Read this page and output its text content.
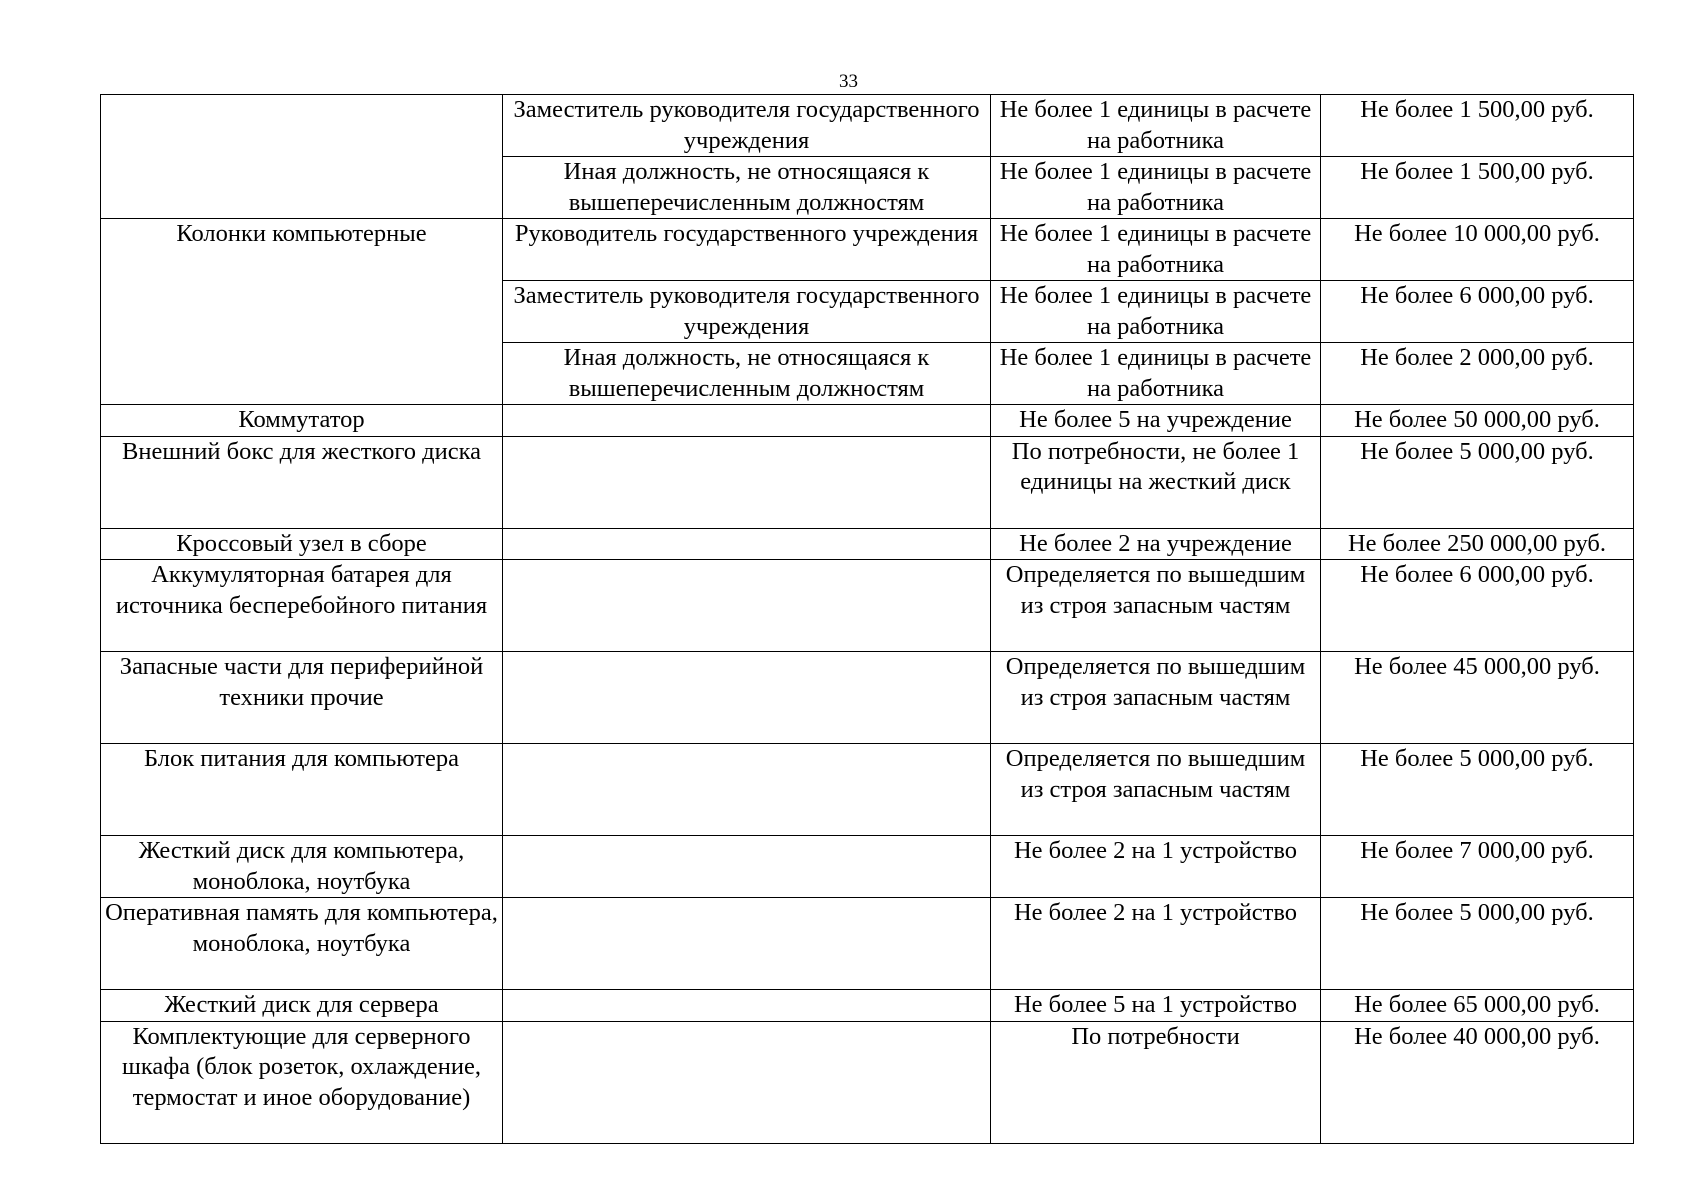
33
	Заместитель руководителя государственного учреждения	Не более 1 единицы в расчете на работника	Не более 1 500,00 руб.
	Иная должность, не относящаяся к вышеперечисленным должностям	Не более 1 единицы в расчете на работника	Не более 1 500,00 руб.
Колонки компьютерные	Руководитель государственного учреждения	Не более 1 единицы в расчете на работника	Не более 10 000,00 руб.
	Заместитель руководителя государственного учреждения	Не более 1 единицы в расчете на работника	Не более 6 000,00 руб.
	Иная должность, не относящаяся к вышеперечисленным должностям	Не более 1 единицы в расчете на работника	Не более 2 000,00 руб.
Коммутатор		Не более 5 на учреждение	Не более 50 000,00 руб.
Внешний бокс для жесткого диска		По потребности, не более 1 единицы на жесткий диск	Не более 5 000,00 руб.
Кроссовый узел в сборе		Не более 2 на учреждение	Не более 250 000,00 руб.
Аккумуляторная батарея для источника бесперебойного питания		Определяется по вышедшим из строя запасным частям	Не более 6 000,00 руб.
Запасные части для периферийной техники прочие		Определяется по вышедшим из строя запасным частям	Не более 45 000,00 руб.
Блок питания для компьютера		Определяется по вышедшим из строя запасным частям	Не более 5 000,00 руб.
Жесткий диск для компьютера, моноблока, ноутбука		Не более 2 на 1 устройство	Не более 7 000,00 руб.
Оперативная память для компьютера, моноблока, ноутбука		Не более 2 на 1 устройство	Не более 5 000,00 руб.
Жесткий диск для сервера		Не более 5 на 1 устройство	Не более 65 000,00 руб.
Комплектующие для серверного шкафа (блок розеток, охлаждение, термостат и иное оборудование)		По потребности	Не более 40 000,00 руб.
